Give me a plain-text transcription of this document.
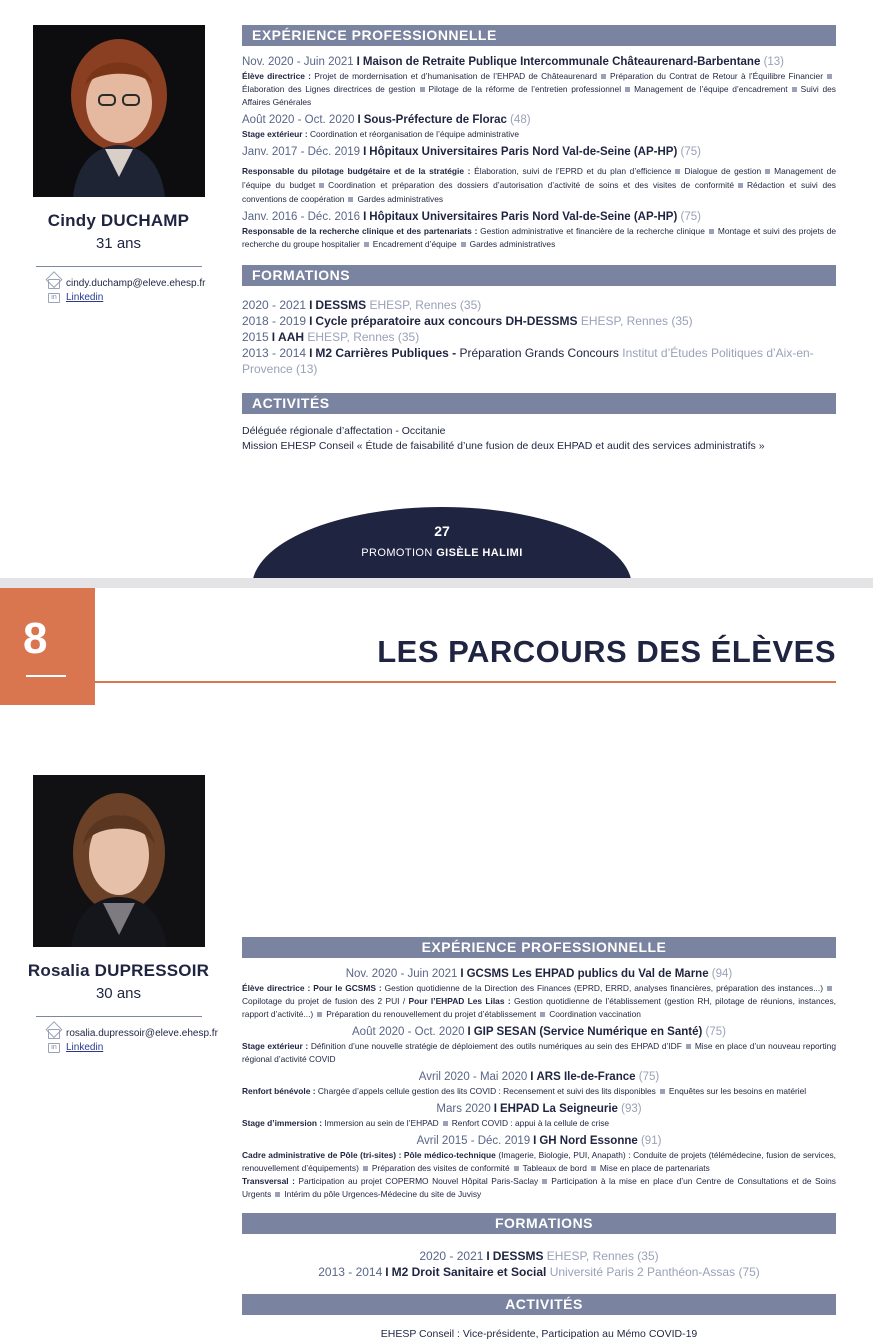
Cindy DUCHAMP
31 ans
cindy.duchamp@eleve.ehesp.fr
in Linkedin
EXPÉRIENCE PROFESSIONNELLE
Nov. 2020 - Juin 2021 I Maison de Retraite Publique Intercommunale Châteaurenard-Barbentane (13)
Élève directrice : Projet de mordernisation et d’humanisation de l’EHPAD de Châteaurenard Préparation du Contrat de Retour à l’Équilibre FinancierÉlaboration des Lignes directrices de gestion Pilotage de la réforme de l’entretien professionnel Management de l’équipe d’encadrement Suivi des Affaires Générales
Août 2020 - Oct. 2020 I Sous-Préfecture de Florac (48)
Stage extérieur : Coordination et réorganisation de l’équipe administrative
Janv. 2017 - Déc. 2019 I Hôpitaux Universitaires Paris Nord Val-de-Seine (AP-HP) (75)
Responsable du pilotage budgétaire et de la stratégie : Élaboration, suivi de l’EPRD et du plan d’efficience Dialogue de gestion Management de l’équipe du budget Coordination et préparation des dossiers d’autorisation d’activité de soins et des visites de conformité Rédaction et suivi des conventions de coopération Gardes administratives
Janv. 2016 - Déc. 2016 I Hôpitaux Universitaires Paris Nord Val-de-Seine (AP-HP) (75)
Responsable de la recherche clinique et des partenariats : Gestion administrative et financière de la recherche clinique Montage et suivi des projets de recherche du groupe hospitalier Encadrement d’équipe Gardes administratives
FORMATIONS
2020 - 2021 I DESSMS EHESP, Rennes (35)
2018 - 2019 I Cycle préparatoire aux concours DH-DESSMS EHESP, Rennes (35)
2015 I AAH EHESP, Rennes (35)
2013 - 2014 I M2 Carrières Publiques - Préparation Grands Concours Institut d’Études Politiques d’Aix-en-Provence (13)
ACTIVITÉS
Déléguée régionale d’affectation - Occitanie
Mission EHESP Conseil « Étude de faisabilité d’une fusion de deux EHPAD et audit des services administratifs »
27
PROMOTION GISÈLE HALIMI
8	LES PARCOURS DES ÉLÈVES
Rosalia DUPRESSOIR
30 ans
rosalia.dupressoir@eleve.ehesp.fr
in Linkedin
EXPÉRIENCE PROFESSIONNELLE
Nov. 2020 - Juin 2021 I GCSMS Les EHPAD publics du Val de Marne (94)
Élève directrice : Pour le GCSMS : Gestion quotidienne de la Direction des Finances (EPRD, ERRD, analyses financières, préparation des instances...)Copilotage du projet de fusion des 2 PUI / Pour l’EHPAD Les Lilas : Gestion quotidienne de l’établissement (gestion RH, pilotage de réunions, instances, rapport d’activité...) Préparation du renouvellement du projet d’établissement Coordination vaccination
Août 2020 - Oct. 2020 I GIP SESAN (Service Numérique en Santé) (75)
Stage extérieur : Définition d’une nouvelle stratégie de déploiement des outils numériques au sein des EHPAD d’IDF Mise en place d’un nouveau reporting régional d’activité COVID
Avril 2020 - Mai 2020 I ARS Ile-de-France (75)
Renfort bénévole : Chargée d’appels cellule gestion des lits COVID : Recensement et suivi des lits disponibles Enquêtes sur les besoins en matériel
Mars 2020 I EHPAD La Seigneurie (93)
Stage d’immersion : Immersion au sein de l’EHPAD Renfort COVID : appui à la cellule de crise
Avril 2015 - Déc. 2019 I GH Nord Essonne (91)
Cadre administrative de Pôle (tri-sites) : Pôle médico-technique (Imagerie, Biologie, PUI, Anapath) : Conduite de projets (télémédecine, fusion de services, renouvellement d’équipements) Préparation des visites de conformité Tableaux de bord Mise en place de partenariats
Transversal : Participation au projet COPERMO Nouvel Hôpital Paris-Saclay Participation à la mise en place d’un Centre de Consultations et de Soins Urgents Intérim du pôle Urgences-Médecine du site de Juvisy
FORMATIONS
2020 - 2021 I DESSMS EHESP, Rennes (35)
2013 - 2014 I M2 Droit Sanitaire et Social Université Paris 2 Panthéon-Assas (75)
ACTIVITÉS
EHESP Conseil : Vice-présidente, Participation au Mémo COVID-19
